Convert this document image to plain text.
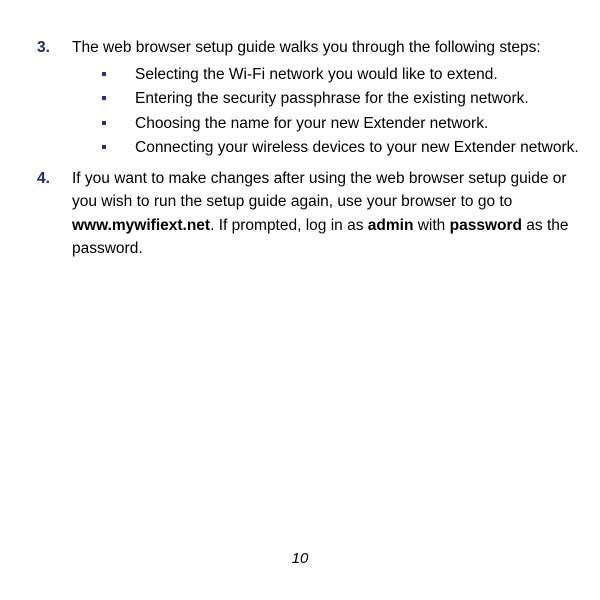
3.	The web browser setup guide walks you through the following steps:
Selecting the Wi-Fi network you would like to extend.
Entering the security passphrase for the existing network.
Choosing the name for your new Extender network.
Connecting your wireless devices to your new Extender network.
4.	If you want to make changes after using the web browser setup guide or you wish to run the setup guide again, use your browser to go to www.mywifiext.net. If prompted, log in as admin with password as the password.
10
